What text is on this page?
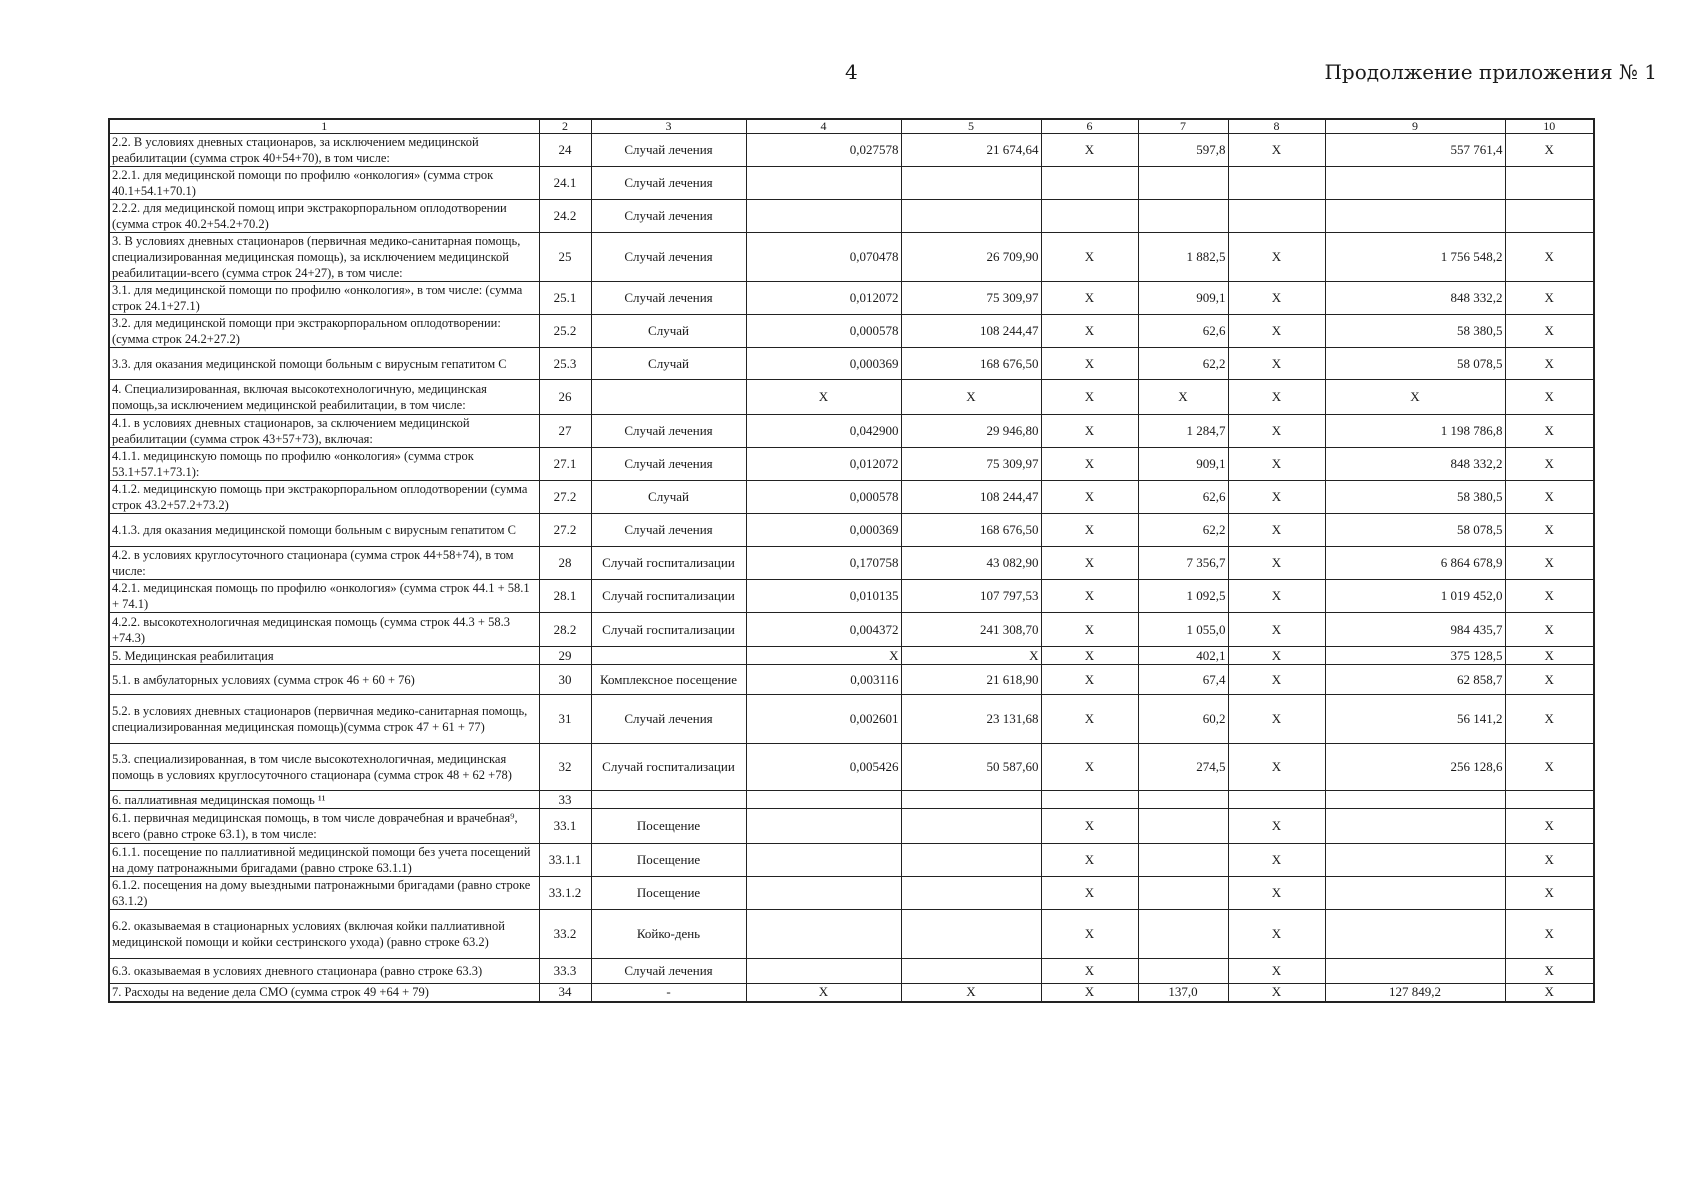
4	Продолжение приложения № 1
1	2	3	4	5	6	7	8	9	10
2.2. В условиях дневных стационаров, за исключением медицинской реабилитации (сумма строк 40+54+70), в том числе:	24	Случай лечения	0,027578	21 674,64	X	597,8	X	557 761,4	X
2.2.1. для медицинской помощи по профилю «онкология» (сумма строк 40.1+54.1+70.1)	24.1	Случай лечения							
2.2.2. для медицинской помощ ипри экстракорпоральном оплодотворении (сумма строк 40.2+54.2+70.2)	24.2	Случай лечения							
3. В условиях дневных стационаров (первичная медико-санитарная помощь, специализированная медицинская помощь), за исключением медицинской реабилитации-всего (сумма строк 24+27), в том числе:	25	Случай лечения	0,070478	26 709,90	X	1 882,5	X	1 756 548,2	X
3.1. для медицинской помощи по профилю «онкология», в том числе: (сумма строк 24.1+27.1)	25.1	Случай лечения	0,012072	75 309,97	X	909,1	X	848 332,2	X
3.2. для медицинской помощи при экстракорпоральном оплодотворении: (сумма строк 24.2+27.2)	25.2	Случай	0,000578	108 244,47	X	62,6	X	58 380,5	X
3.3. для оказания медицинской помощи больным с вирусным гепатитом С	25.3	Случай	0,000369	168 676,50	X	62,2	X	58 078,5	X
4. Специализированная, включая высокотехнологичную, медицинская помощь,за исключением медицинской реабилитации, в том числе:	26		X	X	X	X	X	X	X
4.1. в условиях дневных стационаров, за сключением медицинской реабилитации (сумма строк 43+57+73), включая:	27	Случай лечения	0,042900	29 946,80	X	1 284,7	X	1 198 786,8	X
4.1.1. медицинскую помощь по профилю «онкология» (сумма строк 53.1+57.1+73.1):	27.1	Случай лечения	0,012072	75 309,97	X	909,1	X	848 332,2	X
4.1.2. медицинскую помощь при экстракорпоральном оплодотворении (сумма строк 43.2+57.2+73.2)	27.2	Случай	0,000578	108 244,47	X	62,6	X	58 380,5	X
4.1.3. для оказания медицинской помощи больным с вирусным гепатитом С	27.2	Случай лечения	0,000369	168 676,50	X	62,2	X	58 078,5	X
4.2. в условиях круглосуточного стационара (сумма строк 44+58+74), в том числе:	28	Случай госпитализации	0,170758	43 082,90	X	7 356,7	X	6 864 678,9	X
4.2.1. медицинская помощь по профилю «онкология» (сумма строк 44.1 + 58.1 + 74.1)	28.1	Случай госпитализации	0,010135	107 797,53	X	1 092,5	X	1 019 452,0	X
4.2.2. высокотехнологичная медицинская помощь (сумма строк 44.3 + 58.3 +74.3)	28.2	Случай госпитализации	0,004372	241 308,70	X	1 055,0	X	984 435,7	X
5. Медицинская реабилитация	29		X	X	X	402,1	X	375 128,5	X
5.1. в амбулаторных условиях (сумма строк 46 + 60 + 76)	30	Комплексное посещение	0,003116	21 618,90	X	67,4	X	62 858,7	X
5.2. в условиях дневных стационаров (первичная медико-санитарная помощь, специализированная медицинская помощь)(сумма строк 47 + 61 + 77)	31	Случай лечения	0,002601	23 131,68	X	60,2	X	56 141,2	X
5.3. специализированная, в том числе высокотехнологичная, медицинская помощь в условиях круглосуточного стационара (сумма строк 48 + 62 +78)	32	Случай госпитализации	0,005426	50 587,60	X	274,5	X	256 128,6	X
6. паллиативная медицинская помощь ¹¹	33								
6.1. первичная медицинская помощь, в том числе доврачебная и врачебная⁹, всего (равно строке 63.1), в том числе:	33.1	Посещение			X		X		X
6.1.1. посещение по паллиативной медицинской помощи без учета посещений на дому патронажными бригадами (равно строке 63.1.1)	33.1.1	Посещение			X		X		X
6.1.2. посещения на дому выездными патронажными бригадами (равно строке 63.1.2)	33.1.2	Посещение			X		X		X
6.2. оказываемая в стационарных условиях (включая койки паллиативной медицинской помощи и койки сестринского ухода) (равно строке 63.2)	33.2	Койко-день			X		X		X
6.3. оказываемая в условиях дневного стационара (равно строке 63.3)	33.3	Случай лечения			X		X		X
7. Расходы на ведение дела СМО (сумма строк 49 +64 + 79)	34	-	X	X	X	137,0	X	127 849,2	X
